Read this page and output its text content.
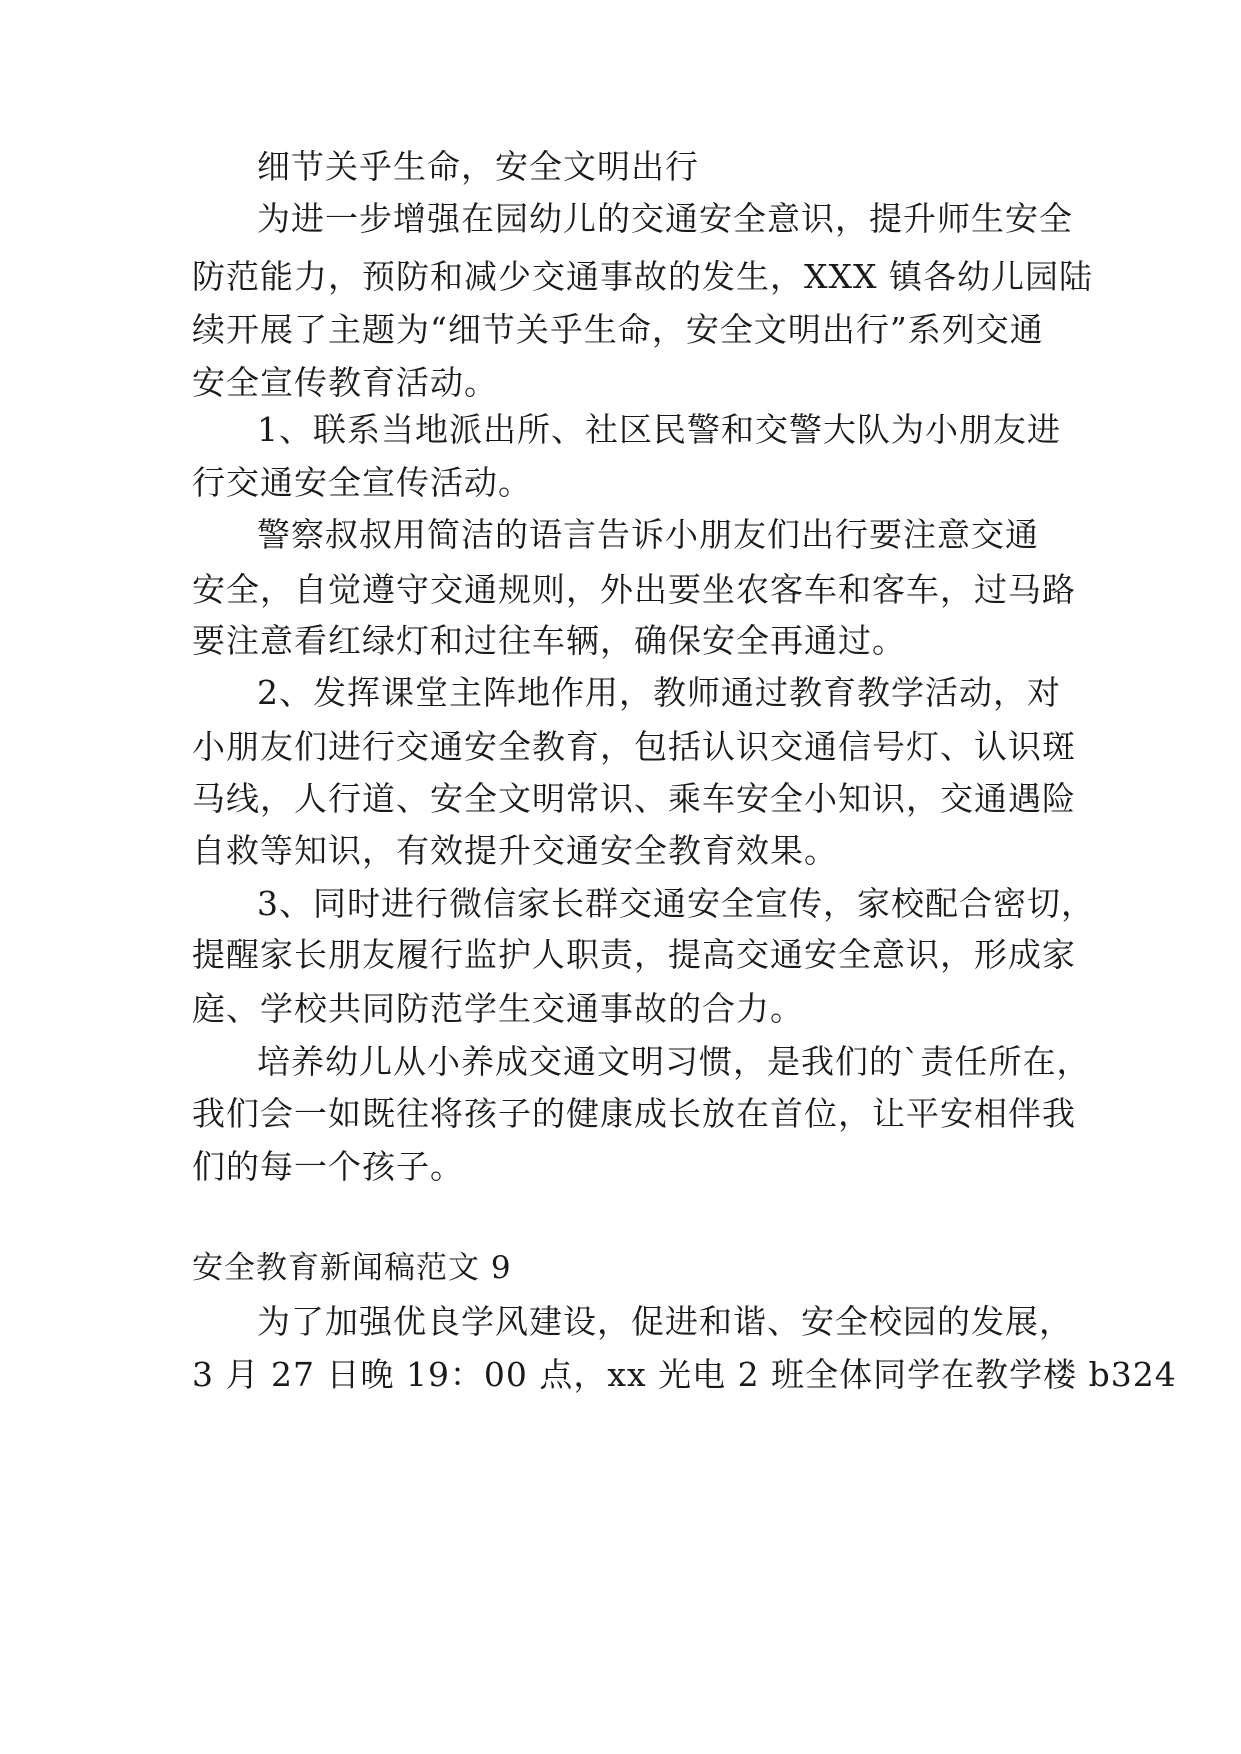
细节关乎生命，安全文明出行
为进一步增强在园幼儿的交通安全意识，提升师生安全
防范能力，预防和减少交通事故的发生，XXX 镇各幼儿园陆
续开展了主题为“细节关乎生命，安全文明出行”系列交通
安全宣传教育活动。
1、联系当地派出所、社区民警和交警大队为小朋友进
行交通安全宣传活动。
警察叔叔用简洁的语言告诉小朋友们出行要注意交通
安全，自觉遵守交通规则，外出要坐农客车和客车，过马路
要注意看红绿灯和过往车辆，确保安全再通过。
2、发挥课堂主阵地作用，教师通过教育教学活动，对
小朋友们进行交通安全教育，包括认识交通信号灯、认识斑
马线，人行道、安全文明常识、乘车安全小知识，交通遇险
自救等知识，有效提升交通安全教育效果。
3、同时进行微信家长群交通安全宣传，家校配合密切，
提醒家长朋友履行监护人职责，提高交通安全意识，形成家
庭、学校共同防范学生交通事故的合力。
培养幼儿从小养成交通文明习惯，是我们的`责任所在，
我们会一如既往将孩子的健康成长放在首位，让平安相伴我
们的每一个孩子。
安全教育新闻稿范文 9
为了加强优良学风建设，促进和谐、安全校园的发展，
3 月 27 日晚 19：00 点，xx 光电 2 班全体同学在教学楼 b324
